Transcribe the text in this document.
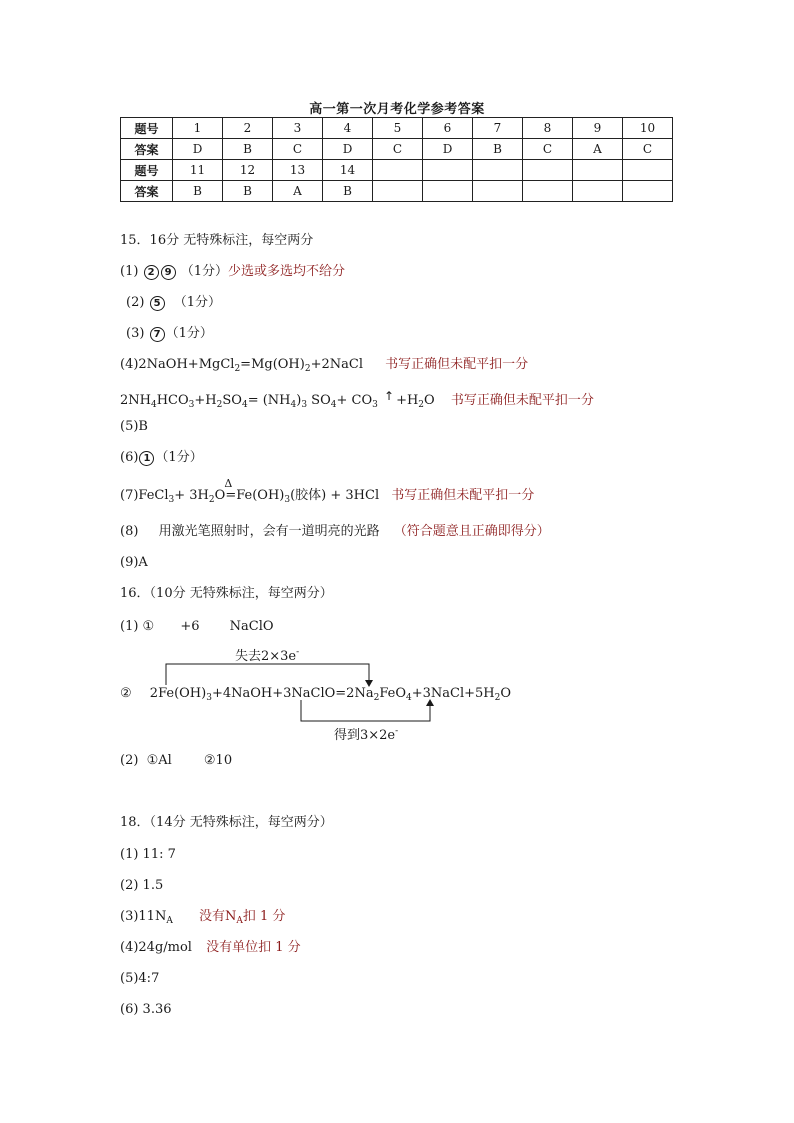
高一第一次月考化学参考答案
题号	1	2	3	4	5	6	7	8	9	10
答案	D	B	C	D	C	D	B	C	A	C
题号	11	12	13	14						
答案	B	B	A	B						
15．16分 无特殊标注，每空两分
(1) 2 9 （1分）少选或多选均不给分
(2) 5 （1分）
(3) 7 （1分）
$(4)2NaOH+MgCl_2=Mg(OH)_2+2NaCl$ 书写正确但未配平扣一分
$2NH_4HCO_3+H_2SO_4= (NH_4)_3$ $SO_4+ CO_3$ ↑ $+H_2O$ 书写正确但未配平扣一分
(5)B
(6) 1 （1分）
(7)FeCl$_3$+ $3H_2O$
Δ
$=Fe(OH)_3$(胶体) + 3HCl 书写正确但未配平扣一分
(8) 用激光笔照射时，会有一道明亮的光路 （符合题意且正确即得分）
(9)A
16．（10分 无特殊标注，每空两分）
(1) ① +6 NaClO
失去2×3e-
② $2Fe(OH)_3+4NaOH+3NaClO=2Na_2FeO_4+3NaCl+5H_2O$
得到3×2e-
(2) ①Al ②10
18．（14分 无特殊标注，每空两分）
(1) 11: 7
(2) 1.5
$(3)11N_A$ 没有$N_A$扣 1 分
(4)24g/mol 没有单位扣 1 分
(5)4:7
(6) 3.36
